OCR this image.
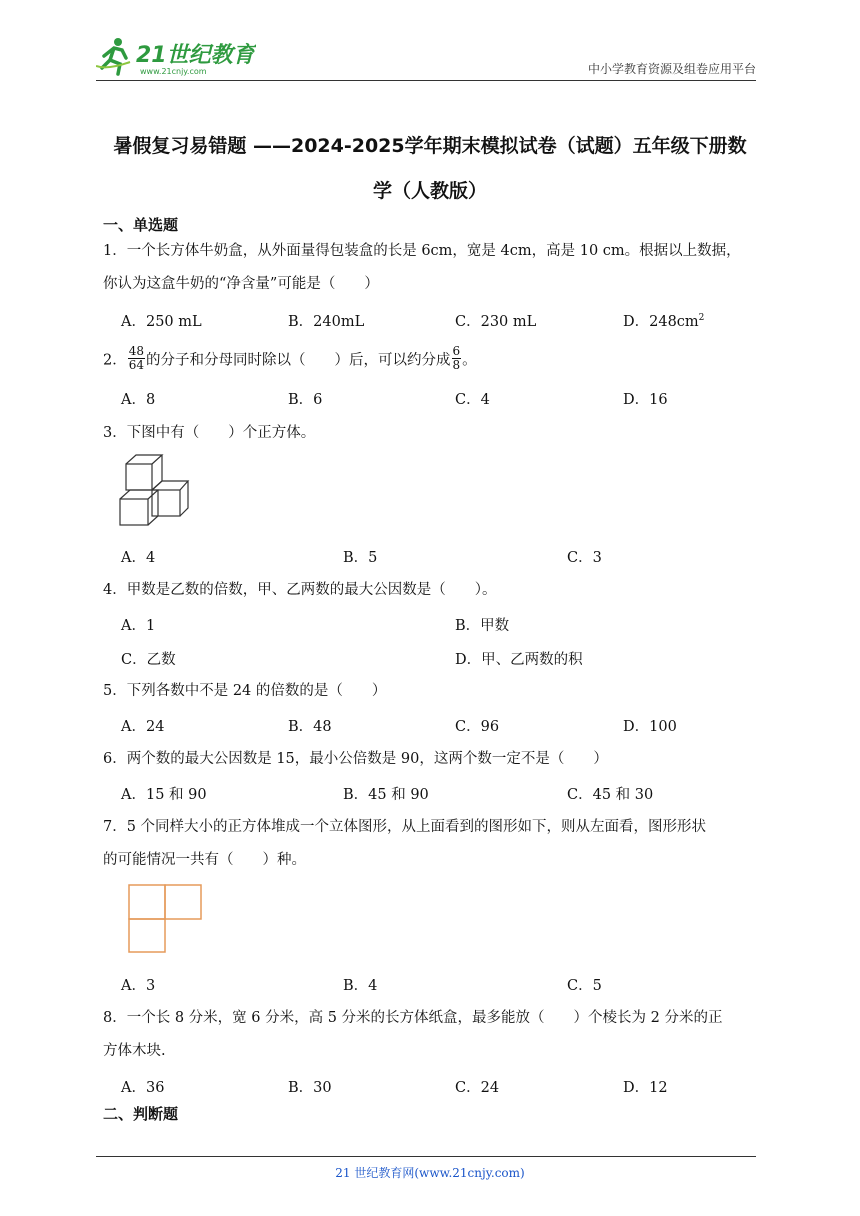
21世纪教育
www.21cnjy.com	中小学教育资源及组卷应用平台
暑假复习易错题 ——2024-2025学年期末模拟试卷（试题）五年级下册数
学（人教版）
一、单选题
1．一个长方体牛奶盒，从外面量得包装盒的长是 6cm，宽是 4cm，高是 10 cm。根据以上数据，
你认为这盒牛奶的“净含量”可能是（　　）
A．250 mL	B．240mL	C．230 mL	D．$248cm^2$
2． $\frac{48}{64}$ 的分子和分母同时除以（　　）后，可以约分成 $\frac{6}{8}$ 。
A．8	B．6	C．4	D．16
3．下图中有（　　）个正方体。
A．4	B．5	C．3
4．甲数是乙数的倍数，甲、乙两数的最大公因数是（　　）。
A．1	B．甲数
C．乙数	D．甲、乙两数的积
5．下列各数中不是 24 的倍数的是（　　）
A．24	B．48	C．96	D．100
6．两个数的最大公因数是 15，最小公倍数是 90，这两个数一定不是（　　）
A．15 和 90	B．45 和 90	C．45 和 30
7．5 个同样大小的正方体堆成一个立体图形，从上面看到的图形如下，则从左面看，图形形状
的可能情况一共有（　　）种。
A．3	B．4	C．5
8．一个长 8 分米，宽 6 分米，高 5 分米的长方体纸盒，最多能放（　　）个棱长为 2 分米的正
方体木块.
A．36	B．30	C．24	D．12
二、判断题
21 世纪教育网(www.21cnjy.com)
